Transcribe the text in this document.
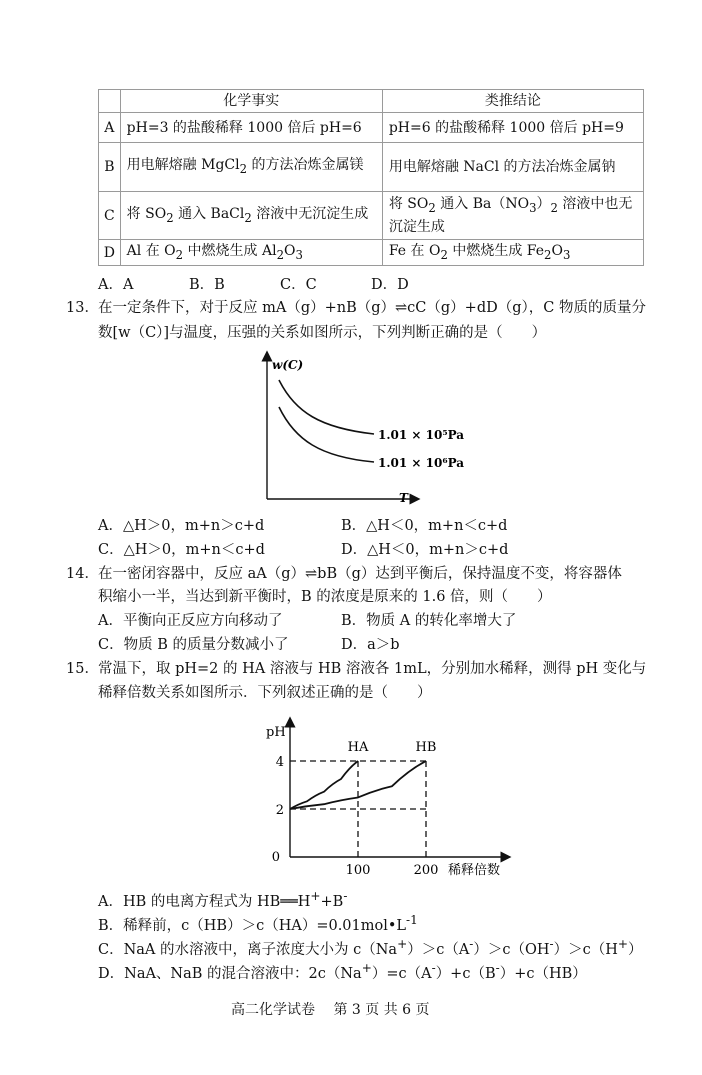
	化学事实	类推结论
A	pH=3 的盐酸稀释 1000 倍后 pH=6	pH=6 的盐酸稀释 1000 倍后 pH=9
B	用电解熔融 MgCl$_2$ 的方法冶炼金属镁	用电解熔融 NaCl 的方法冶炼金属钠
C	将 $SO_2$ 通入 BaCl$_2$ 溶液中无沉淀生成	将 $SO_2$ 通入 $Ba(NO_3)_2$ 溶液中也无沉淀生成
D	Al 在 $O_2$ 中燃烧生成 $Al_2O_3$	Fe 在 $O_2$ 中燃烧生成 $Fe_2O_3$
A．A	B．B	C．C	D．D
13． 在一定条件下，对于反应 mA（g）+nB（g）⇌cC（g）+dD（g），C 物质的质量分
数[w（C）]与温度，压强的关系如图所示，下列判断正确的是（　　）
w(C)
T
1.01 × 10⁵Pa
1.01 × 10⁶Pa
A．△H＞0，m+n＞c+d	B．△H＜0，m+n＜c+d
C．△H＞0，m+n＜c+d	D．△H＜0，m+n＞c+d
14． 在一密闭容器中，反应 aA（g）⇌bB（g）达到平衡后，保持温度不变，将容器体
积缩小一半，当达到新平衡时，B 的浓度是原来的 1.6 倍，则（　　）
A．平衡向正反应方向移动了	B．物质 A 的转化率增大了
C．物质 B 的质量分数减小了	D．a＞b
15． 常温下，取 pH=2 的 HA 溶液与 HB 溶液各 1mL，分别加水稀释，测得 pH 变化与
稀释倍数关系如图所示．下列叙述正确的是（　　）
pH
0
2
4
100	200 稀释倍数
HA	HB
A．HB 的电离方程式为 HB══H++B-
B．稀释前，$c(HB)>c(HA)=0.01mol•L^{-1}$
C．NaA 的水溶液中，离子浓度大小为 c（Na+）＞c（A-）＞c（OH-）＞c（H+）
D．NaA、NaB 的混合溶液中：2c（Na+）=c（A-）+c（B-）+c（HB）
高二化学试卷　 第 3 页 共 6 页
